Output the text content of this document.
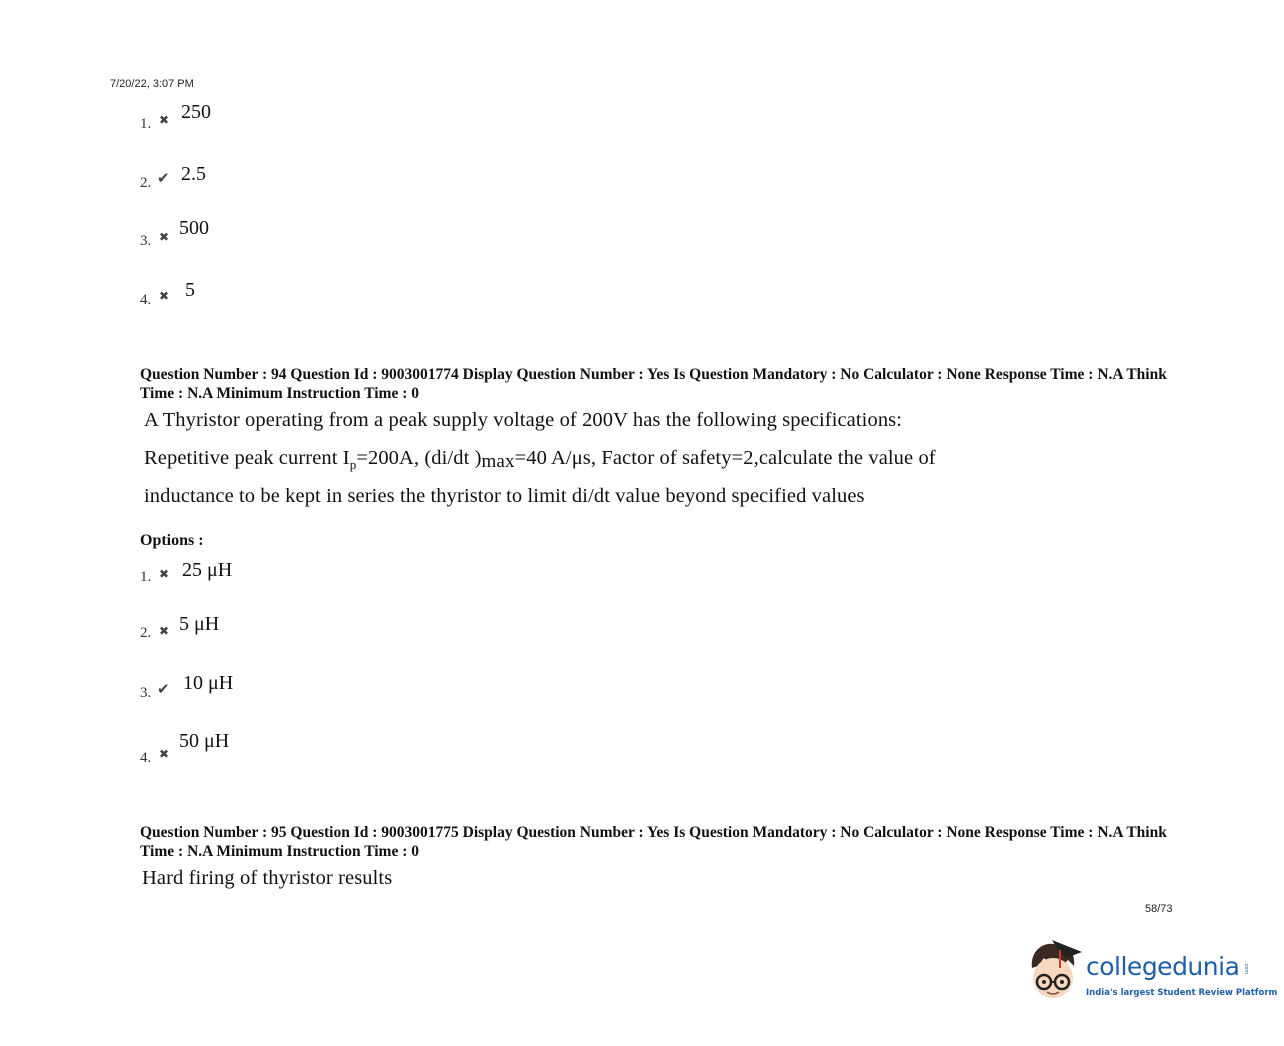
7/20/22, 3:07 PM
1. ✖ 250
2. ✔ 2.5
3. ✖ 500
4. ✖ 5
Question Number : 94 Question Id : 9003001774 Display Question Number : Yes Is Question Mandatory : No Calculator : None Response Time : N.A Think Time : N.A Minimum Instruction Time : 0
A Thyristor operating from a peak supply voltage of 200V has the following specifications:
Repetitive peak current $I_p=200A$, (di/dt )$_{max}=40$ A/μs, Factor of safety=2,calculate the value of
inductance to be kept in series the thyristor to limit di/dt value beyond specified values
Options :
1. ✖ 25 μH
2. ✖ 5 μH
3. ✔ 10 μH
4. ✖
50 μH
Question Number : 95 Question Id : 9003001775 Display Question Number : Yes Is Question Mandatory : No Calculator : None Response Time : N.A Think Time : N.A Minimum Instruction Time : 0
Hard firing of thyristor results
58/73
collegedunia .com
India's largest Student Review Platform
